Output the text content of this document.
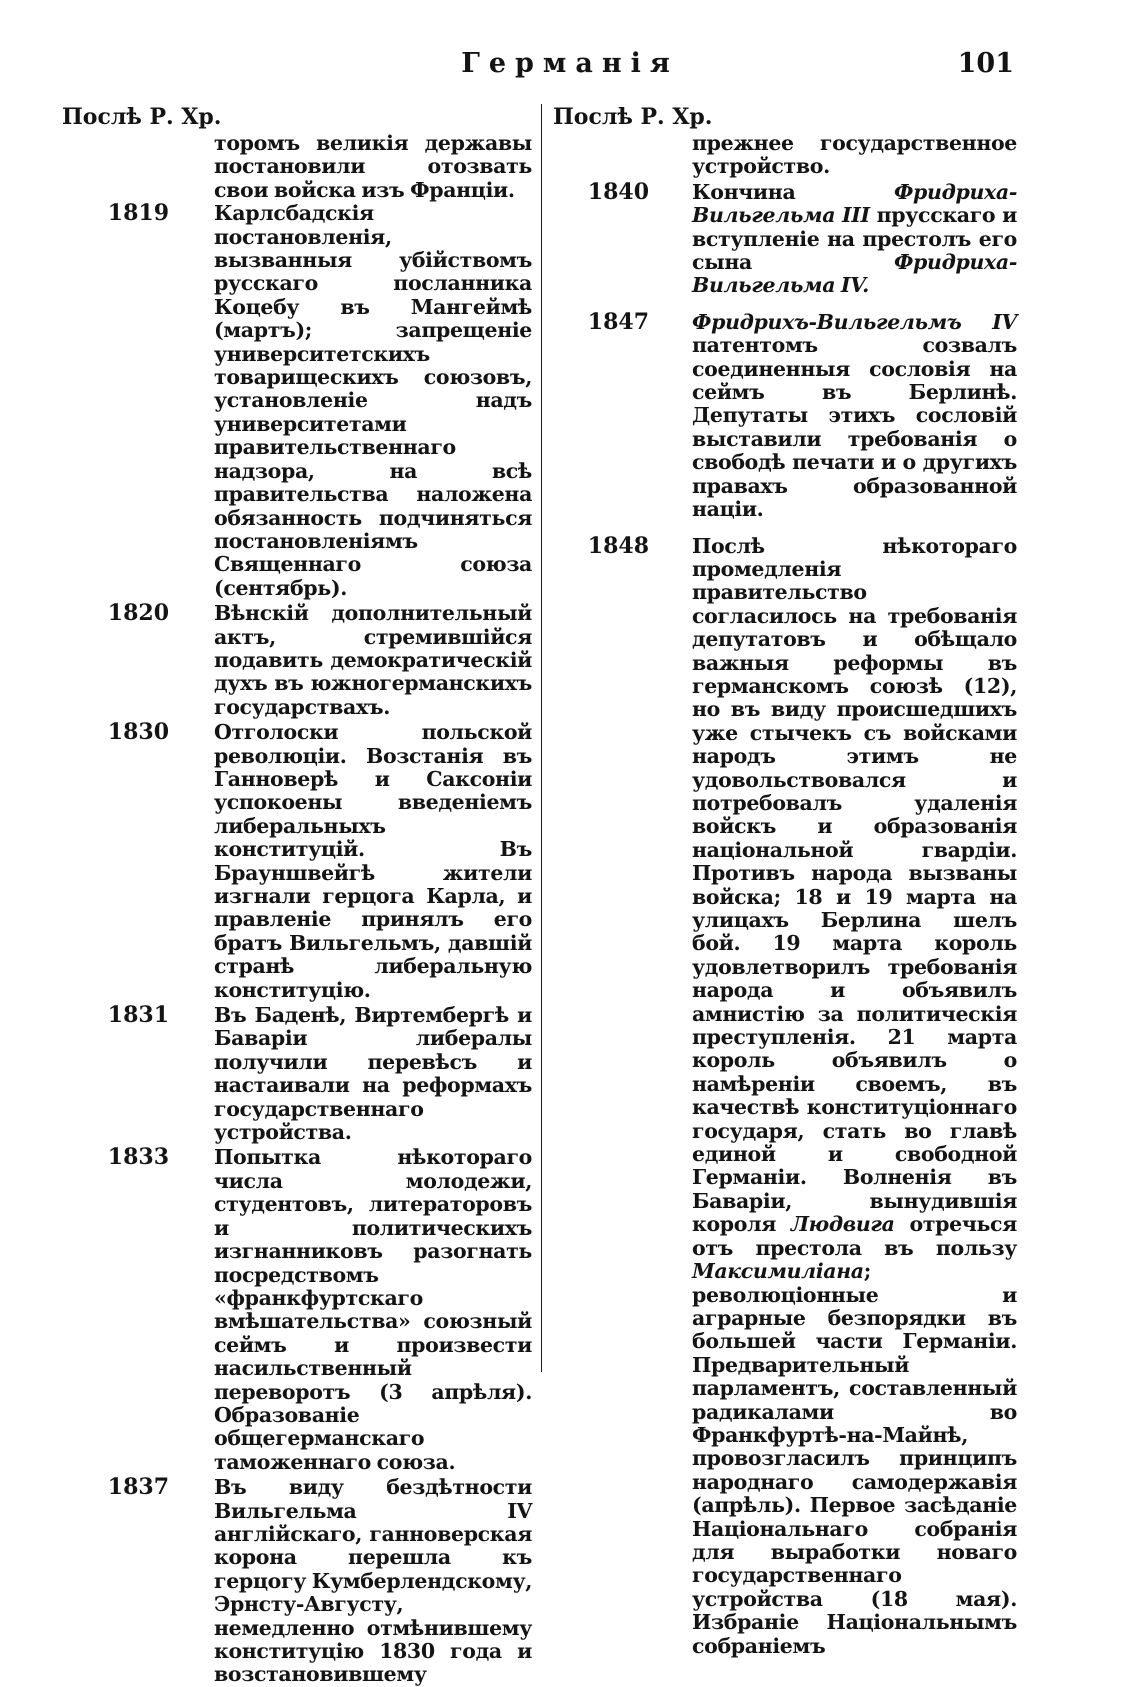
Германія	101
Послѣ Р. Хр.
торомъ великія державы постановили отозвать свои войска изъ Франціи.
1819 Карлсбадскія постановленія, вызванныя убійствомъ русскаго посланника Коцебу въ Мангеймѣ (мартъ); запрещеніе университетскихъ товарищескихъ союзовъ, установленіе надъ университетами правительственнаго надзора, на всѣ правительства наложена обязанность подчиняться постановленіямъ Священнаго союза (сентябрь).
1820 Вѣнскій дополнительный актъ, стремившійся подавить демократическій духъ въ южногерманскихъ государствахъ.
1830 Отголоски польской революціи. Возстанія въ Ганноверѣ и Саксоніи успокоены введеніемъ либеральныхъ конституцій. Въ Брауншвейгѣ жители изгнали герцога Карла, и правленіе принялъ его братъ Вильгельмъ, давшій странѣ либеральную конституцію.
1831 Въ Баденѣ, Виртембергѣ и Баваріи либералы получили перевѣсъ и настаивали на реформахъ государственнаго устройства.
1833 Попытка нѣкотораго числа молодежи, студентовъ, литераторовъ и политическихъ изгнанниковъ разогнать посредствомъ «франкфуртскаго вмѣшательства» союзный сеймъ и произвести насильственный переворотъ (3 апрѣля). Образованіе общегерманскаго таможеннаго союза.
1837 Въ виду бездѣтности Вильгельма IV англійскаго, ганноверская корона перешла къ герцогу Кумберлендскому, Эрнсту-Августу, немедленно отмѣнившему конституцію 1830 года и возстановившему
Послѣ Р. Хр.
прежнее государственное устройство.
1840 Кончина Фридриха-Вильгельма III прусскаго и вступленіе на престолъ его сына Фридриха-Вильгельма IV.
1847 Фридрихъ-Вильгельмъ IV патентомъ созвалъ соединенныя сословія на сеймъ въ Берлинѣ. Депутаты этихъ сословій выставили требованія о свободѣ печати и о другихъ правахъ образованной націи.
1848 Послѣ нѣкотораго промедленія правительство согласилось на требованія депутатовъ и обѣщало важныя реформы въ германскомъ союзѣ (12), но въ виду происшедшихъ уже стычекъ съ войсками народъ этимъ не удовольствовался и потребовалъ удаленія войскъ и образованія національной гвардіи. Противъ народа вызваны войска; 18 и 19 марта на улицахъ Берлина шелъ бой. 19 марта король удовлетворилъ требованія народа и объявилъ амнистію за политическія преступленія. 21 марта король объявилъ о намѣреніи своемъ, въ качествѣ конституціоннаго государя, стать во главѣ единой и свободной Германіи. Волненія въ Баваріи, вынудившія короля Людвига отречься отъ престола въ пользу Максимиліана; революціонные и аграрные безпорядки въ большей части Германіи. Предварительный парламентъ, составленный радикалами во Франкфуртѣ-на-Майнѣ, провозгласилъ принципъ народнаго самодержавія (апрѣль). Первое засѣданіе Національнаго собранія для выработки новаго государственнаго устройства (18 мая). Избраніе Національнымъ собраніемъ
